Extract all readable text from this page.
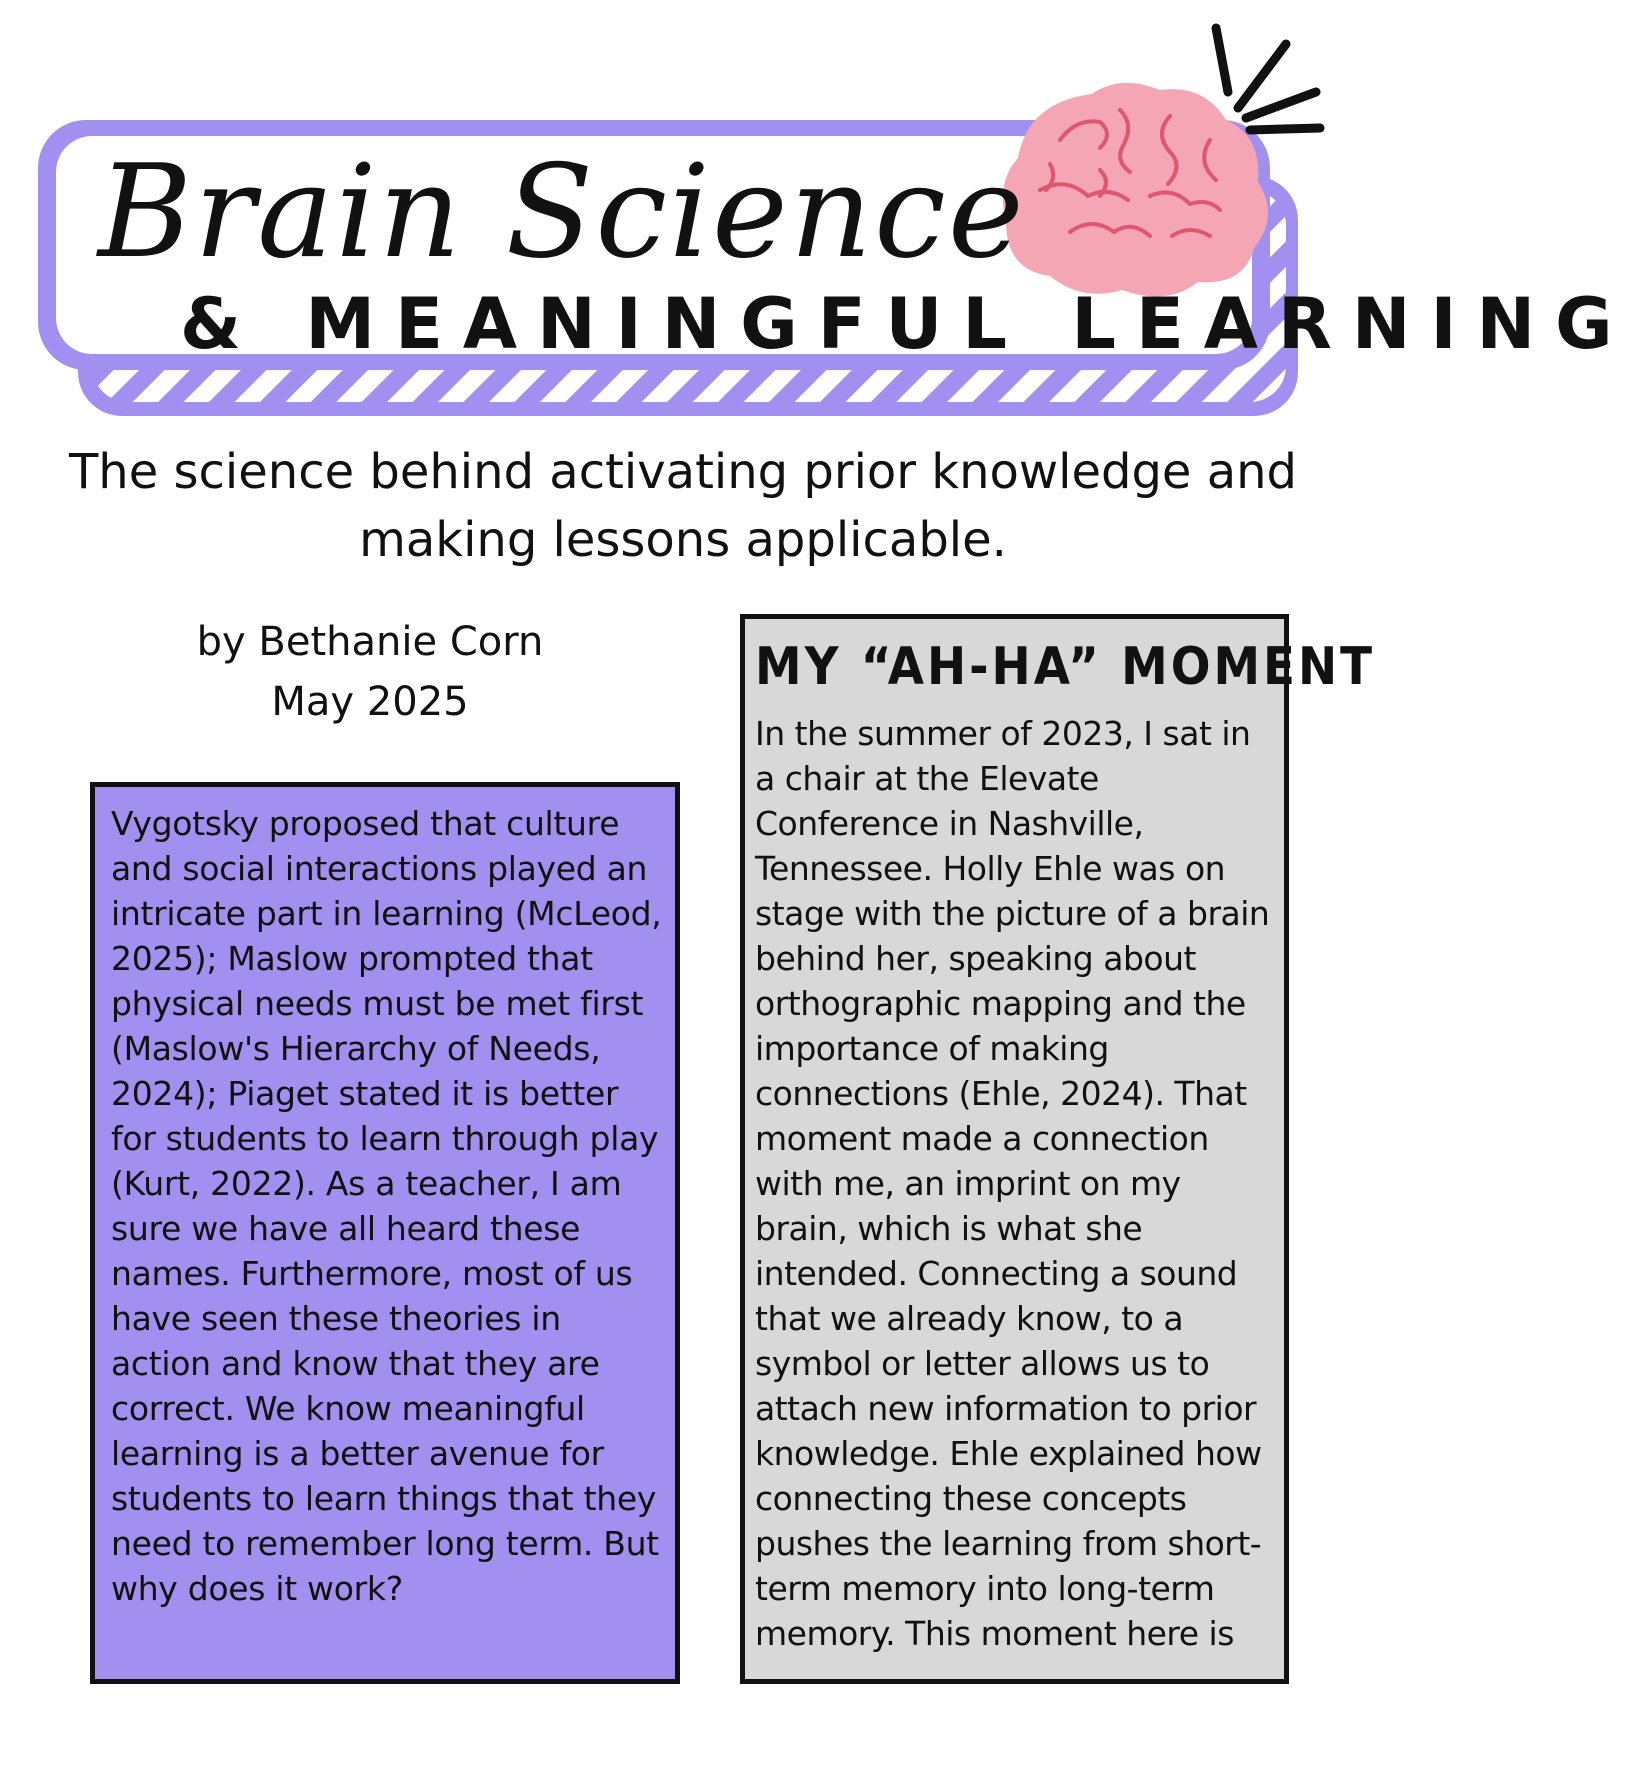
Brain Science
& MEANINGFUL LEARNING
The science behind activating prior knowledge and
making lessons applicable.
by Bethanie Corn
May 2025

Vygotsky proposed that culture and social interactions played an intricate part in learning (McLeod, 2025); Maslow prompted that physical needs must be met first (Maslow's Hierarchy of Needs, 2024); Piaget stated it is better for students to learn through play (Kurt, 2022). As a teacher, I am sure we have all heard these names. Furthermore, most of us have seen these theories in action and know that they are correct. We know meaningful learning is a better avenue for students to learn things that they need to remember long term. But why does it work?

MY “AH-HA” MOMENT

In the summer of 2023, I sat in a chair at the Elevate Conference in Nashville, Tennessee. Holly Ehle was on stage with the picture of a brain behind her, speaking about orthographic mapping and the importance of making connections (Ehle, 2024). That moment made a connection with me, an imprint on my brain, which is what she intended. Connecting a sound that we already know, to a symbol or letter allows us to attach new information to prior knowledge. Ehle explained how connecting these concepts pushes the learning from short-term memory into long-term memory. This moment here is
